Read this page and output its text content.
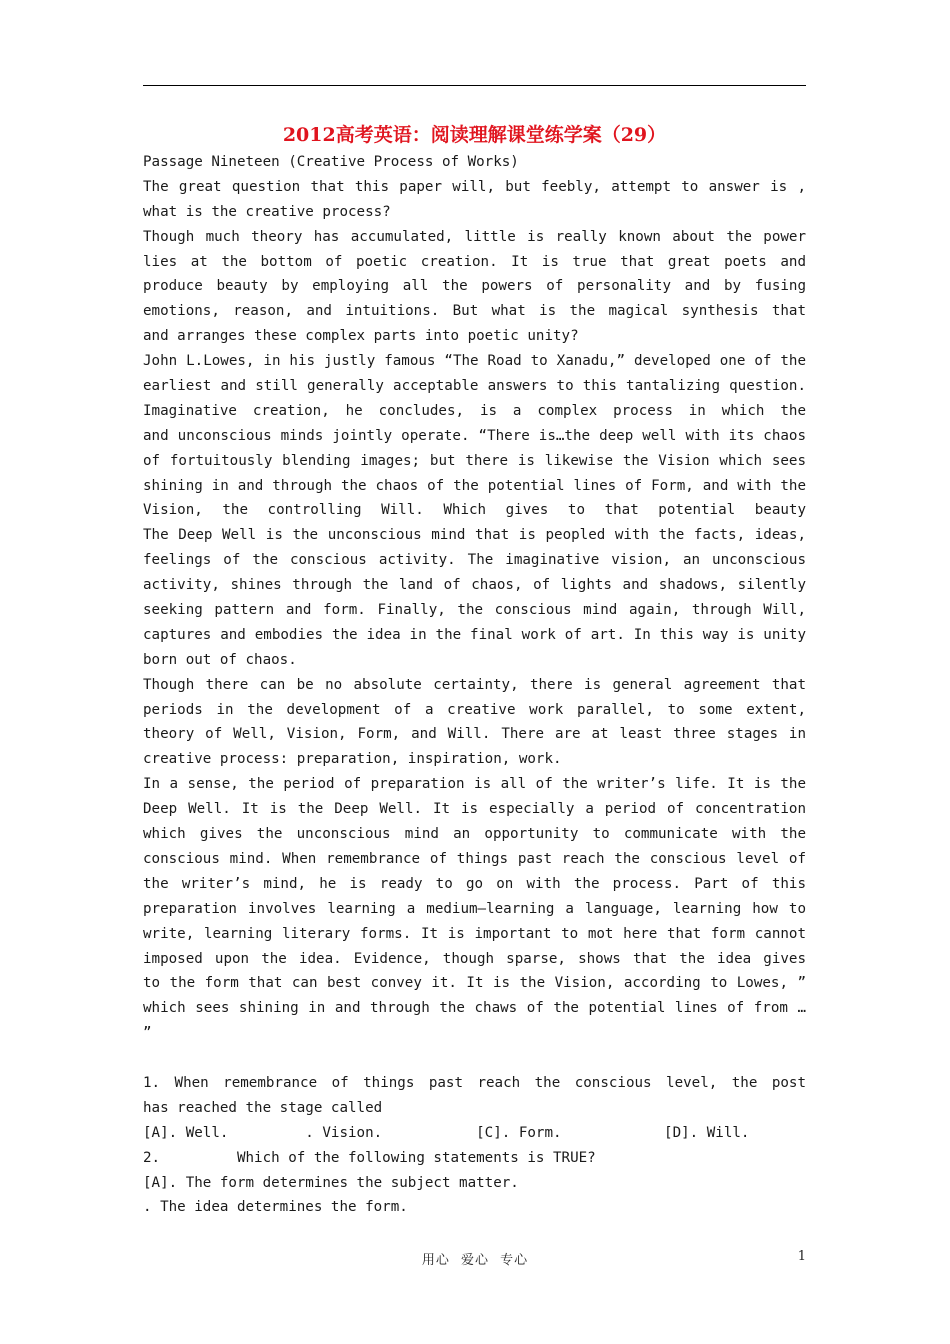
2012高考英语：阅读理解课堂练学案（29）
Passage Nineteen (Creative Process of Works)
The great question that this paper will, but feebly, attempt to answer is ,
what is the creative process?
Though much theory has accumulated, little is really known about the power
lies at the bottom of poetic creation. It is true that great poets and
produce beauty by employing all the powers of personality and by fusing
emotions, reason, and intuitions. But what is the magical synthesis that
and arranges these complex parts into poetic unity?
John L.Lowes, in his justly famous “The Road to Xanadu,” developed one of the
earliest and still generally acceptable answers to this tantalizing question.
Imaginative creation, he concludes, is a complex process in which the
and unconscious minds jointly operate. “There is…the deep well with its chaos
of fortuitously blending images; but there is likewise the Vision which sees
shining in and through the chaos of the potential lines of Form, and with the
Vision, the controlling Will. Which gives to that potential beauty
The Deep Well is the unconscious mind that is peopled with the facts, ideas,
feelings of the conscious activity. The imaginative vision, an unconscious
activity, shines through the land of chaos, of lights and shadows, silently
seeking pattern and form. Finally, the conscious mind again, through Will,
captures and embodies the idea in the final work of art. In this way is unity
born out of chaos.
Though there can be no absolute certainty, there is general agreement that
periods in the development of a creative work parallel, to some extent,
theory of Well, Vision, Form, and Will. There are at least three stages in
creative process: preparation, inspiration, work.
In a sense, the period of preparation is all of the writer’s life. It is the
Deep Well. It is the Deep Well. It is especially a period of concentration
which gives the unconscious mind an opportunity to communicate with the
conscious mind. When remembrance of things past reach the conscious level of
the writer’s mind, he is ready to go on with the process. Part of this
preparation involves learning a medium—learning a language, learning how to
write, learning literary forms. It is important to mot here that form cannot
imposed upon the idea. Evidence, though sparse, shows that the idea gives
to the form that can best convey it. It is the Vision, according to Lowes, ”
which sees shining in and through the chaws of the potential lines of from …
”
1. When remembrance of things past reach the conscious level, the post
has reached the stage called
[A]. Well.         . Vision.           [C]. Form.            [D]. Will.
2.         Which of the following statements is TRUE?
[A]. The form determines the subject matter.
. The idea determines the form.
用心 爱心 专心	1
